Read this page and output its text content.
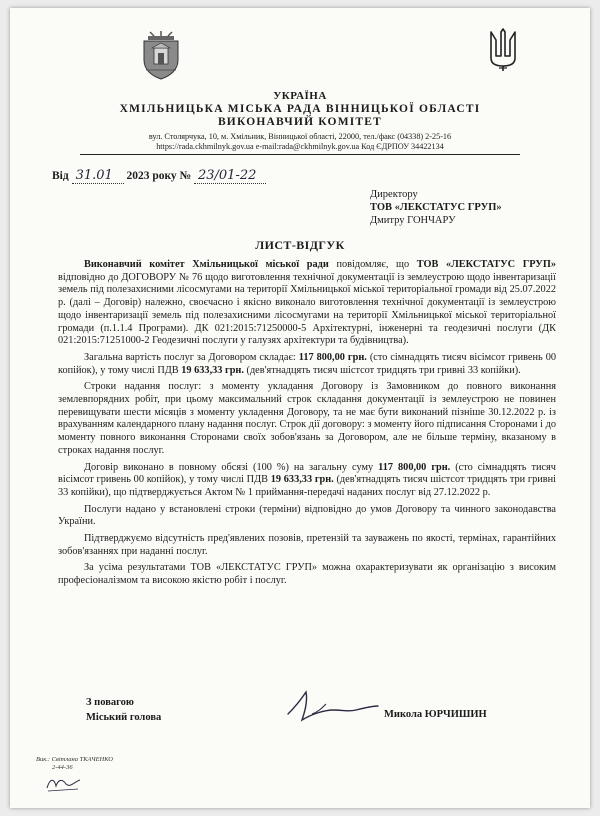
УКРАЇНА
ХМІЛЬНИЦЬКА МІСЬКА РАДА ВІННИЦЬКОЇ ОБЛАСТІ
ВИКОНАВЧИЙ КОМІТЕТ
вул. Столярчука, 10, м. Хмільник, Вінницької області, 22000, тел./факс (04338) 2-25-16
https://rada.ckhmilnyk.gov.ua e-mail:rada@ckhmilnyk.gov.ua Код ЄДРПОУ 34422134
Від 31.01 2023 року № 23/01-22
Директору
ТОВ «ЛЕКСТАТУС ГРУП»
Дмитру ГОНЧАРУ
ЛИСТ-ВІДГУК

Виконавчий комітет Хмільницької міської ради повідомляє, що ТОВ «ЛЕКСТАТУС ГРУП» відповідно до ДОГОВОРУ № 76 щодо виготовлення технічної документації із землеустрою щодо інвентаризації земель під полезахисними лісосмугами на території Хмільницької міської територіальної громади від 25.07.2022 р. (далі – Договір) належно, своєчасно і якісно виконало виготовлення технічної документації із землеустрою щодо інвентаризації земель під полезахисними лісосмугами на території Хмільницької міської територіальної громади (п.1.1.4 Програми). ДК 021:2015:71250000-5 Архітектурні, інженерні та геодезичні послуги (ДК 021:2015:71251000-2 Геодезичні послуги у галузях архітектури та будівництва).

Загальна вартість послуг за Договором складає: 117 800,00 грн. (сто сімнадцять тисяч вісімсот гривень 00 копійок), у тому числі ПДВ 19 633,33 грн. (дев'ятнадцять тисяч шістсот тридцять три гривні 33 копійки).

Строки надання послуг: з моменту укладання Договору із Замовником до повного виконання землевпорядних робіт, при цьому максимальний строк складання документації із землеустрою не повинен перевищувати шести місяців з моменту укладення Договору, та не має бути виконаний пізніше 30.12.2022 р. із врахуванням календарного плану надання послуг. Строк дії договору: з моменту його підписання Сторонами і до моменту повного виконання Сторонами своїх зобов'язань за Договором, але не більше терміну, вказаному в строках надання послуг.

Договір виконано в повному обсязі (100 %) на загальну суму 117 800,00 грн. (сто сімнадцять тисяч вісімсот гривень 00 копійок), у тому числі ПДВ 19 633,33 грн. (дев'ятнадцять тисяч шістсот тридцять три гривні 33 копійки), що підтверджується Актом № 1 приймання-передачі наданих послуг від 27.12.2022 р.

Послуги надано у встановлені строки (терміни) відповідно до умов Договору та чинного законодавства України.

Підтверджуємо відсутність пред'явлених позовів, претензій та зауважень по якості, термінах, гарантійних зобов'язаннях при наданні послуг.

За усіма результатами ТОВ «ЛЕКСТАТУС ГРУП» можна охарактеризувати як організацію з високим професіоналізмом та високою якістю робіт і послуг.

З повагою
Міський голова	Микола ЮРЧИШИН
Вик.: Світлана ТКАЧЕНКО
2-44-36
